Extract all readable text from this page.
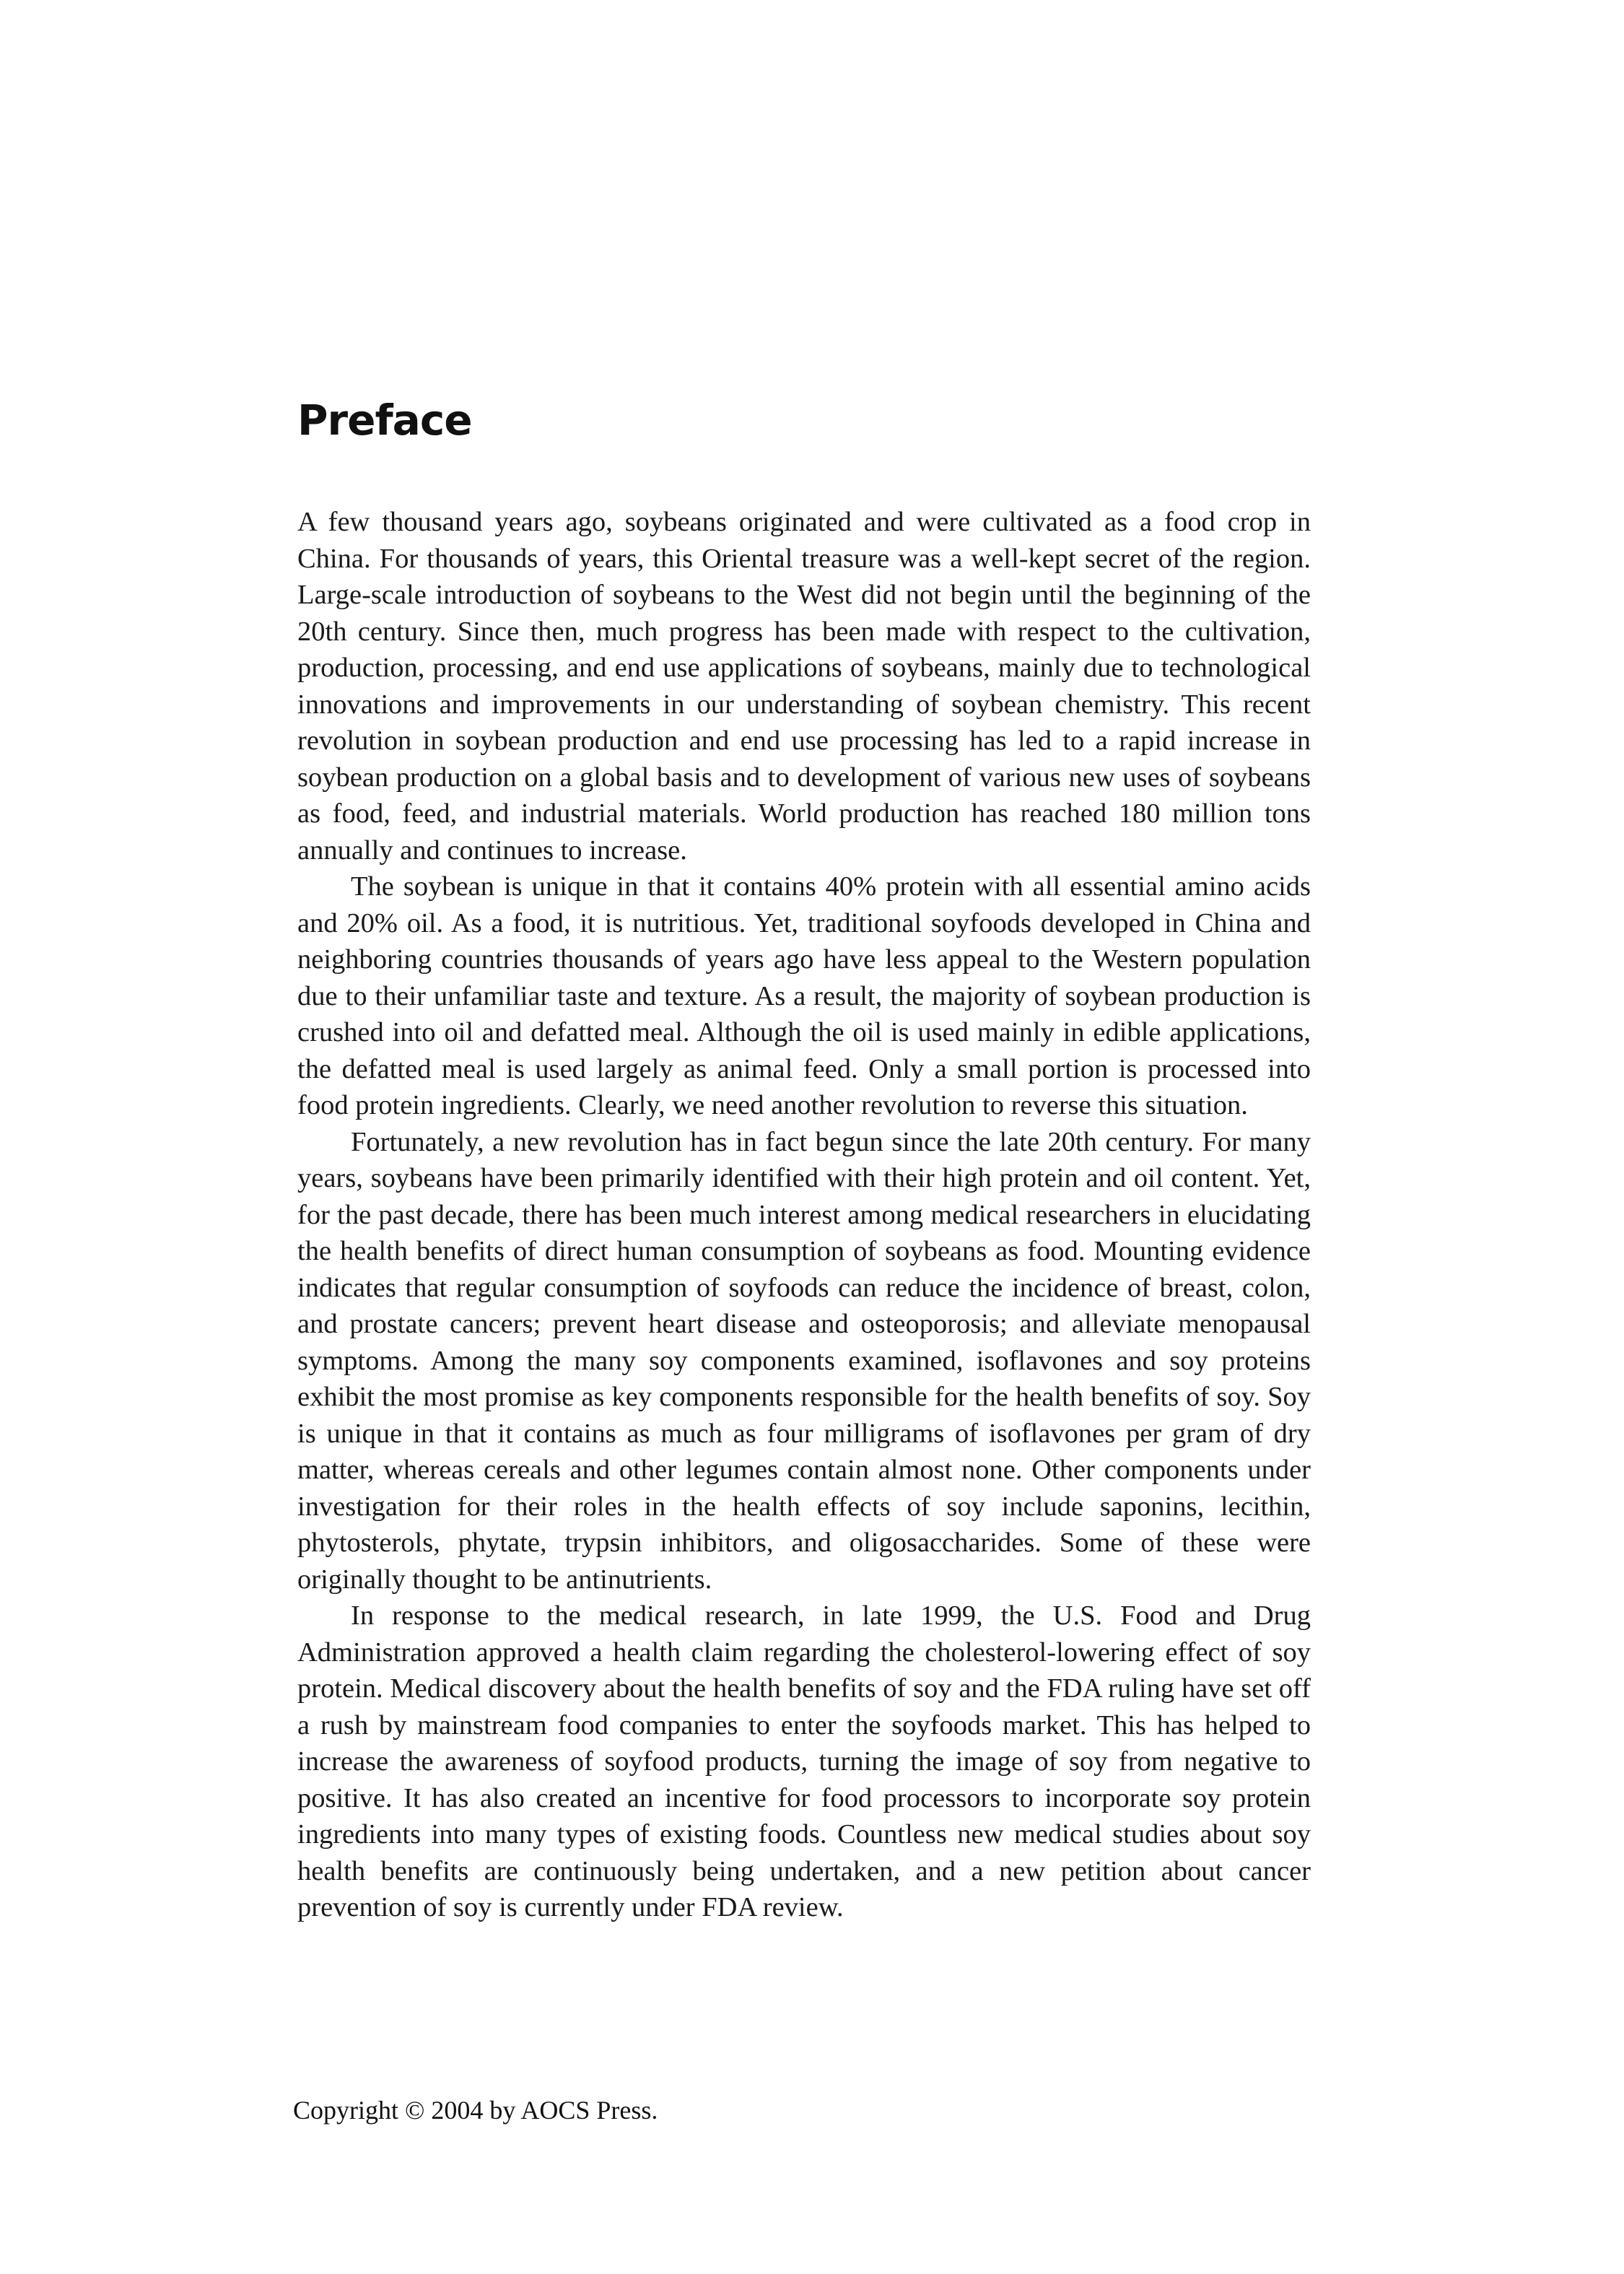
Preface

A few thousand years ago, soybeans originated and were cultivated as a food crop in China. For thousands of years, this Oriental treasure was a well-kept secret of the region. Large-scale introduction of soybeans to the West did not begin until the beginning of the 20th century. Since then, much progress has been made with respect to the cultivation, production, processing, and end use applications of soybeans, mainly due to technological innovations and improvements in our understanding of soybean chemistry. This recent revolution in soybean production and end use processing has led to a rapid increase in soybean production on a global basis and to development of various new uses of soybeans as food, feed, and industrial materials. World production has reached 180 million tons annually and continues to increase.

The soybean is unique in that it contains 40% protein with all essential amino acids and 20% oil. As a food, it is nutritious. Yet, traditional soyfoods developed in China and neighboring countries thousands of years ago have less appeal to the Western population due to their unfamiliar taste and texture. As a result, the majority of soybean production is crushed into oil and defatted meal. Although the oil is used mainly in edible applications, the defatted meal is used largely as animal feed. Only a small portion is processed into food protein ingredients. Clearly, we need another revolution to reverse this situation.

Fortunately, a new revolution has in fact begun since the late 20th century. For many years, soybeans have been primarily identified with their high protein and oil content. Yet, for the past decade, there has been much interest among medical researchers in elucidating the health benefits of direct human consumption of soybeans as food. Mounting evidence indicates that regular consumption of soyfoods can reduce the incidence of breast, colon, and prostate cancers; prevent heart disease and osteoporosis; and alleviate menopausal symptoms. Among the many soy components examined, isoflavones and soy proteins exhibit the most promise as key components responsible for the health benefits of soy. Soy is unique in that it contains as much as four milligrams of isoflavones per gram of dry matter, whereas cereals and other legumes contain almost none. Other components under investigation for their roles in the health effects of soy include saponins, lecithin, phytosterols, phytate, trypsin inhibitors, and oligosaccharides. Some of these were originally thought to be antinutrients.

In response to the medical research, in late 1999, the U.S. Food and Drug Administration approved a health claim regarding the cholesterol-lowering effect of soy protein. Medical discovery about the health benefits of soy and the FDA ruling have set off a rush by mainstream food companies to enter the soyfoods market. This has helped to increase the awareness of soyfood products, turning the image of soy from negative to positive. It has also created an incentive for food processors to incorporate soy protein ingredients into many types of existing foods. Countless new medical studies about soy health benefits are continuously being undertaken, and a new petition about cancer prevention of soy is currently under FDA review.

Copyright © 2004 by AOCS Press.
